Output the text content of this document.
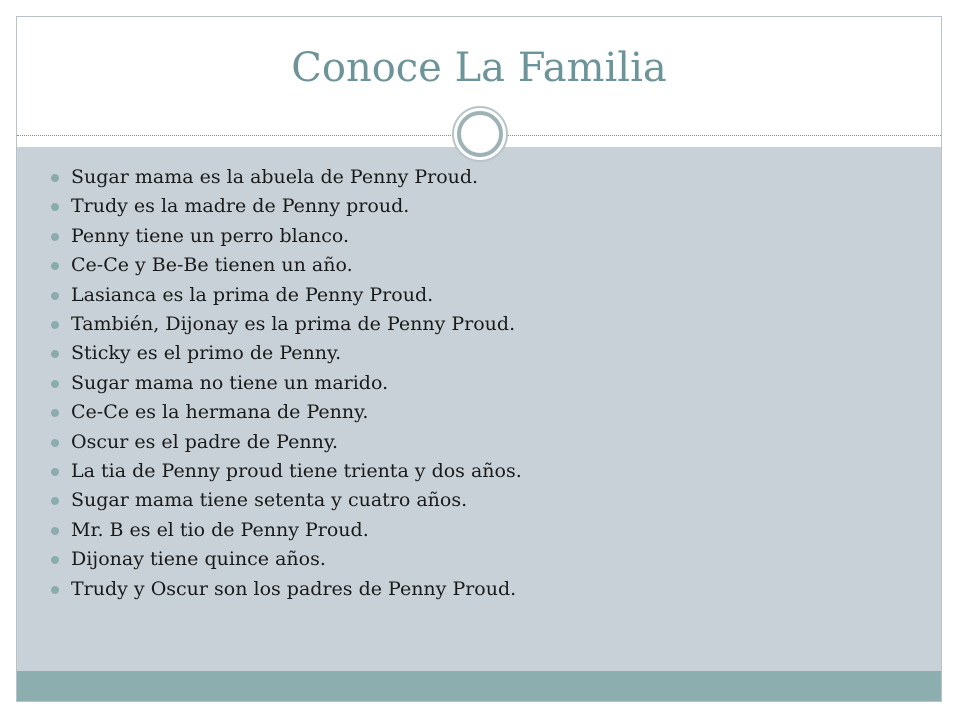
Conoce La Familia
Sugar mama es la abuela de Penny Proud.
Trudy es la madre de Penny proud.
Penny tiene un perro blanco.
Ce-Ce y Be-Be tienen un año.
Lasianca es la prima de Penny Proud.
También, Dijonay es la prima de Penny Proud.
Sticky es el primo de Penny.
Sugar mama no tiene un marido.
Ce-Ce es la hermana de Penny.
Oscur es el padre de Penny.
La tia de Penny proud tiene trienta y dos años.
Sugar mama tiene setenta y cuatro años.
Mr. B es el tio de Penny Proud.
Dijonay tiene quince años.
Trudy y Oscur son los padres de Penny Proud.
